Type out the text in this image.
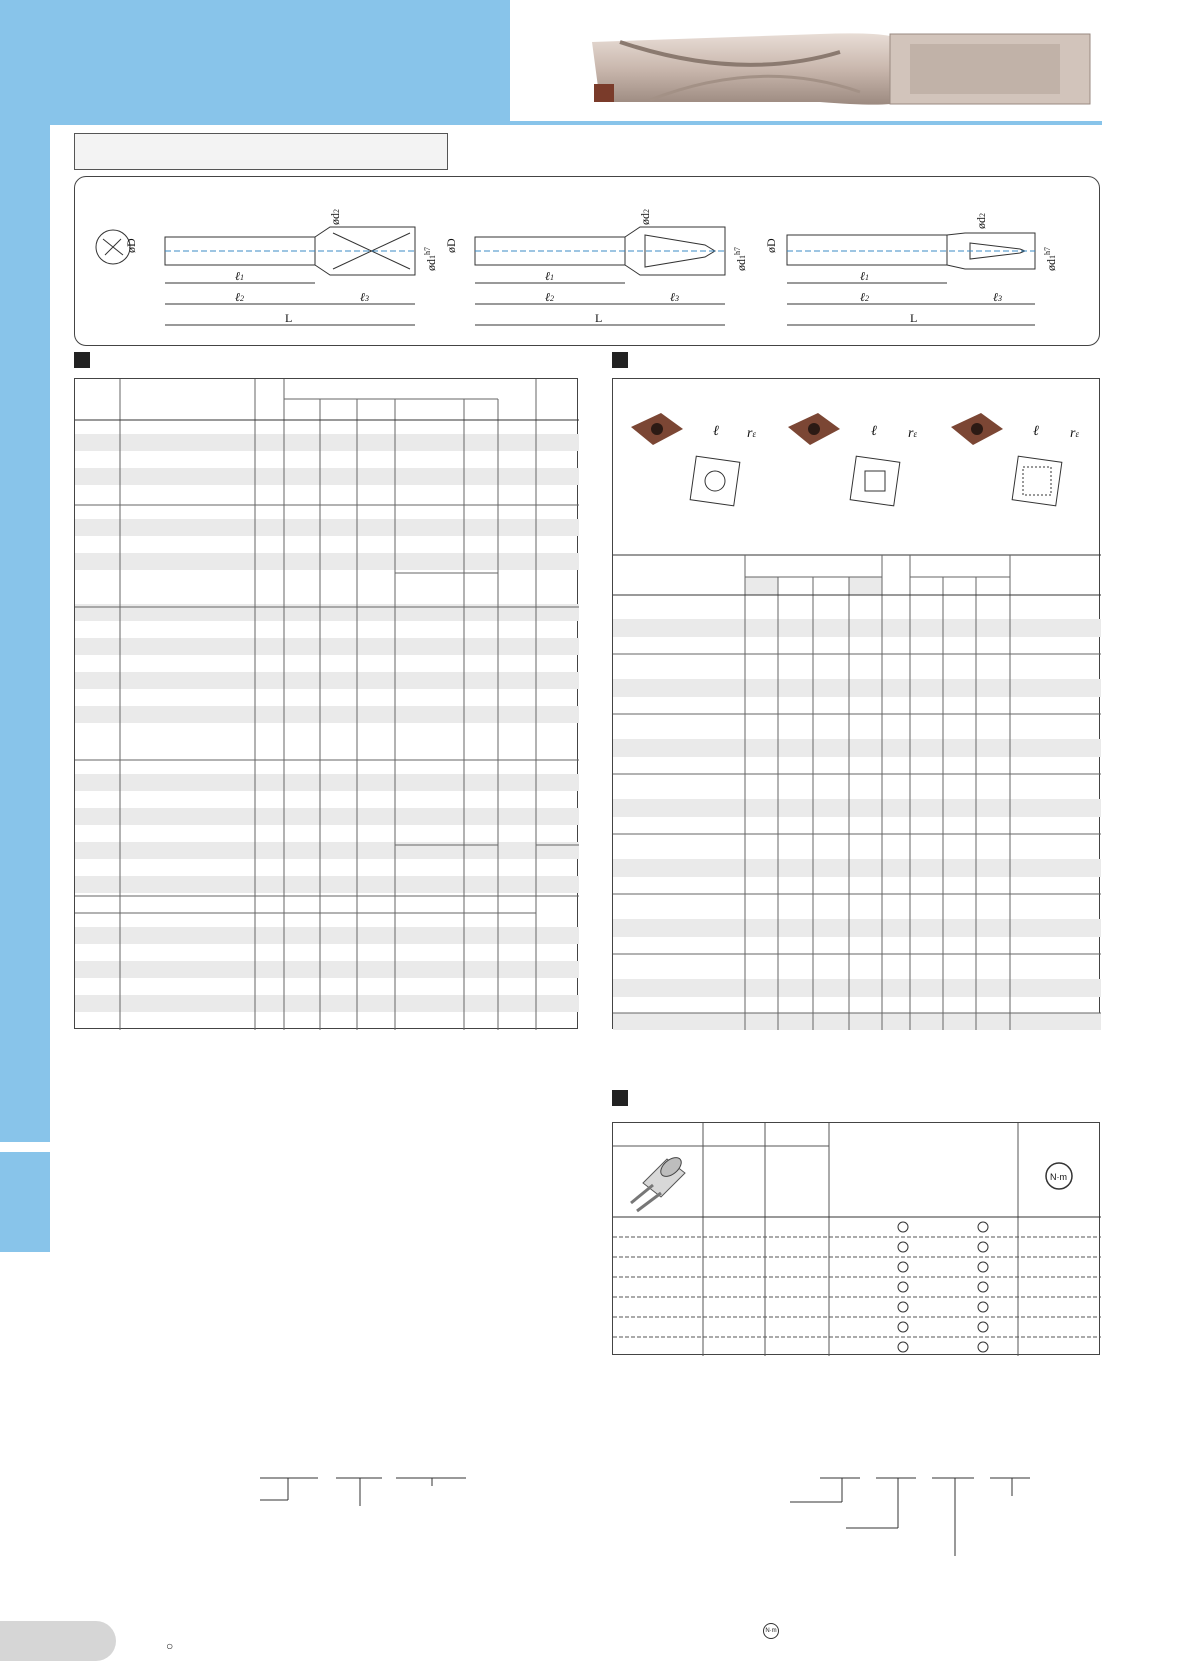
øD
ℓ1
ℓ2	ℓ3
L
ød2
$ød1^{h7}$	øD
ℓ1
ℓ2	ℓ3
L
ød2
$ød1^{h7}$	øD
ℓ1
ℓ2	ℓ3
L
ød2
$ød1^{h7}$
ℓ rε	ℓ rε	ℓ rε
N·m
○
N·m
